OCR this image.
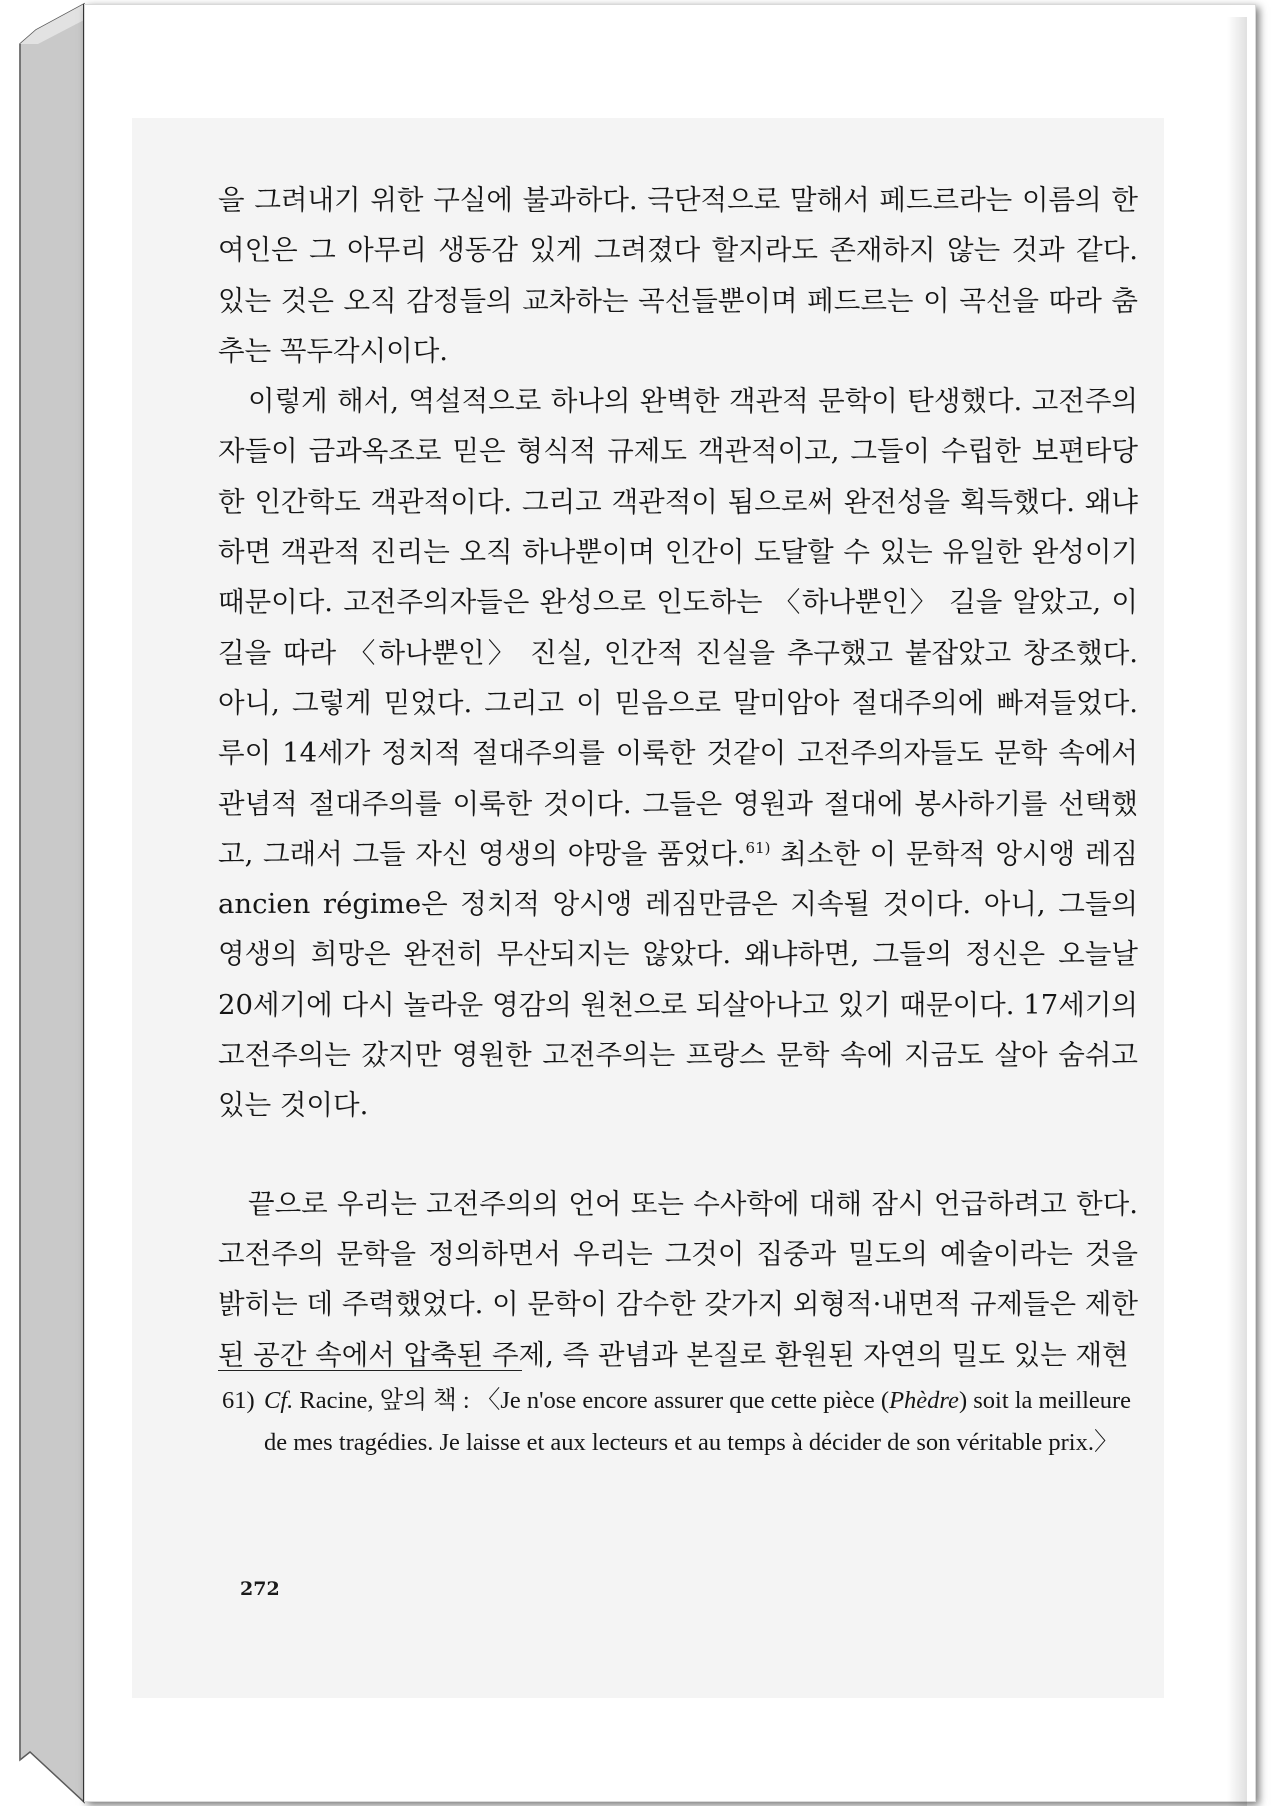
을 그려내기 위한 구실에 불과하다. 극단적으로 말해서 페드르라는 이름의 한 여인은 그 아무리 생동감 있게 그려졌다 할지라도 존재하지 않는 것과 같다. 있는 것은 오직 감정들의 교차하는 곡선들뿐이며 페드르는 이 곡선을 따라 춤추는 꼭두각시이다.

이렇게 해서, 역설적으로 하나의 완벽한 객관적 문학이 탄생했다. 고전주의자들이 금과옥조로 믿은 형식적 규제도 객관적이고, 그들이 수립한 보편타당한 인간학도 객관적이다. 그리고 객관적이 됨으로써 완전성을 획득했다. 왜냐하면 객관적 진리는 오직 하나뿐이며 인간이 도달할 수 있는 유일한 완성이기 때문이다. 고전주의자들은 완성으로 인도하는 〈하나뿐인〉 길을 알았고, 이 길을 따라 〈하나뿐인〉 진실, 인간적 진실을 추구했고 붙잡았고 창조했다. 아니, 그렇게 믿었다. 그리고 이 믿음으로 말미암아 절대주의에 빠져들었다. 루이 14세가 정치적 절대주의를 이룩한 것같이 고전주의자들도 문학 속에서 관념적 절대주의를 이룩한 것이다. 그들은 영원과 절대에 봉사하기를 선택했고, 그래서 그들 자신 영생의 야망을 품었다.$^{61)}$ 최소한 이 문학적 앙시앵 레짐ancien régime은 정치적 앙시앵 레짐만큼은 지속될 것이다. 아니, 그들의 영생의 희망은 완전히 무산되지는 않았다. 왜냐하면, 그들의 정신은 오늘날 20세기에 다시 놀라운 영감의 원천으로 되살아나고 있기 때문이다. 17세기의 고전주의는 갔지만 영원한 고전주의는 프랑스 문학 속에 지금도 살아 숨쉬고 있는 것이다.

끝으로 우리는 고전주의의 언어 또는 수사학에 대해 잠시 언급하려고 한다. 고전주의 문학을 정의하면서 우리는 그것이 집중과 밀도의 예술이라는 것을 밝히는 데 주력했었다. 이 문학이 감수한 갖가지 외형적·내면적 규제들은 제한된 공간 속에서 압축된 주제, 즉 관념과 본질로 환원된 자연의 밀도 있는 재현

61) Cf. Racine, 앞의 책 : 〈Je n'ose encore assurer que cette pièce (Phèdre) soit la meilleure de mes tragédies. Je laisse et aux lecteurs et au temps à décider de son véritable prix.〉
272
